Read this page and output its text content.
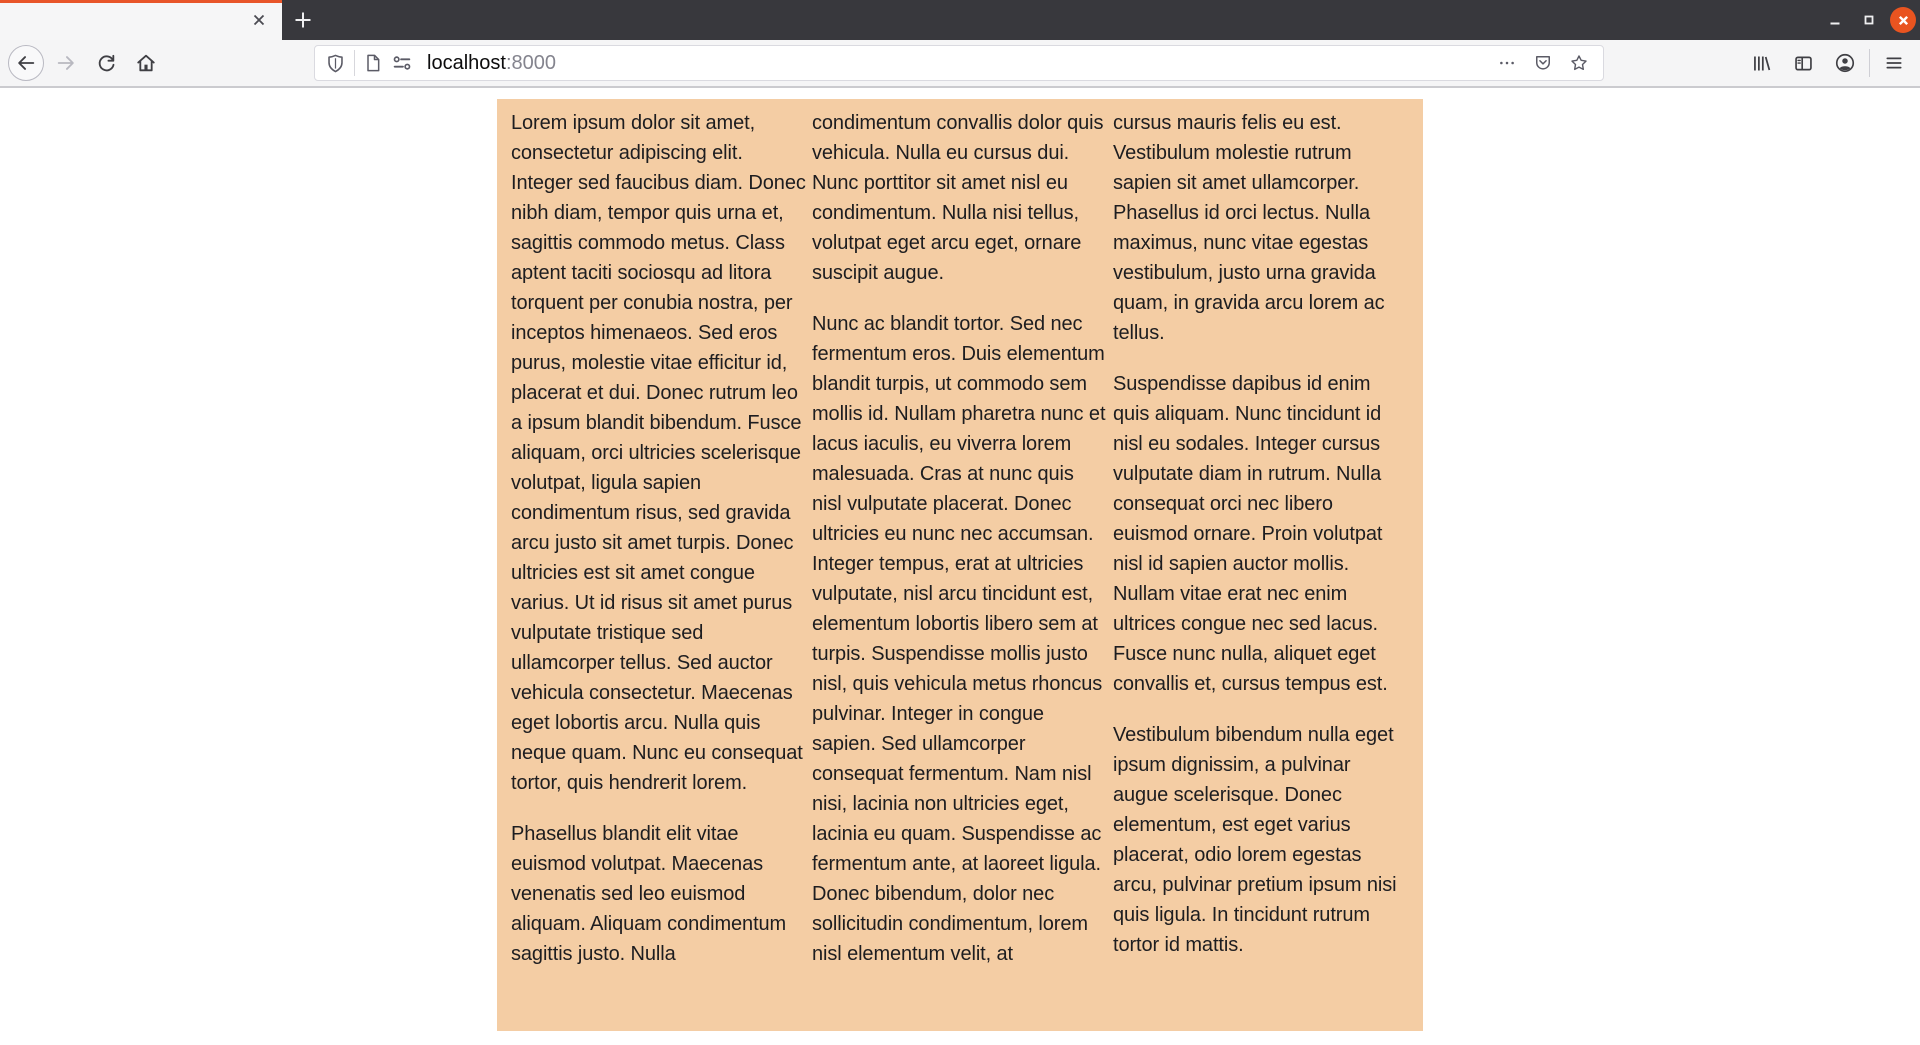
localhost:8000

Lorem ipsum dolor sit amet, consectetur adipiscing elit. Integer sed faucibus diam. Donec nibh diam, tempor quis urna et, sagittis commodo metus. Class aptent taciti sociosqu ad litora torquent per conubia nostra, per inceptos himenaeos. Sed eros purus, molestie vitae efficitur id, placerat et dui. Donec rutrum leo a ipsum blandit bibendum. Fusce aliquam, orci ultricies scelerisque volutpat, ligula sapien condimentum risus, sed gravida arcu justo sit amet turpis. Donec ultricies est sit amet congue varius. Ut id risus sit amet purus vulputate tristique sed ullamcorper tellus. Sed auctor vehicula consectetur. Maecenas eget lobortis arcu. Nulla quis neque quam. Nunc eu consequat tortor, quis hendrerit lorem.

Phasellus blandit elit vitae euismod volutpat. Maecenas venenatis sed leo euismod aliquam. Aliquam condimentum sagittis justo. Nulla

condimentum convallis dolor quis vehicula. Nulla eu cursus dui. Nunc porttitor sit amet nisl eu condimentum. Nulla nisi tellus, volutpat eget arcu eget, ornare suscipit augue.

Nunc ac blandit tortor. Sed nec fermentum eros. Duis elementum blandit turpis, ut commodo sem mollis id. Nullam pharetra nunc et lacus iaculis, eu viverra lorem malesuada. Cras at nunc quis nisl vulputate placerat. Donec ultricies eu nunc nec accumsan. Integer tempus, erat at ultricies vulputate, nisl arcu tincidunt est, elementum lobortis libero sem at turpis. Suspendisse mollis justo nisl, quis vehicula metus rhoncus pulvinar. Integer in congue sapien. Sed ullamcorper consequat fermentum. Nam nisl nisi, lacinia non ultricies eget, lacinia eu quam. Suspendisse ac fermentum ante, at laoreet ligula. Donec bibendum, dolor nec sollicitudin condimentum, lorem nisl elementum velit, at

cursus mauris felis eu est. Vestibulum molestie rutrum sapien sit amet ullamcorper. Phasellus id orci lectus. Nulla maximus, nunc vitae egestas vestibulum, justo urna gravida quam, in gravida arcu lorem ac tellus.

Suspendisse dapibus id enim quis aliquam. Nunc tincidunt id nisl eu sodales. Integer cursus vulputate diam in rutrum. Nulla consequat orci nec libero euismod ornare. Proin volutpat nisl id sapien auctor mollis. Nullam vitae erat nec enim ultrices congue nec sed lacus. Fusce nunc nulla, aliquet eget convallis et, cursus tempus est.

Vestibulum bibendum nulla eget ipsum dignissim, a pulvinar augue scelerisque. Donec elementum, est eget varius placerat, odio lorem egestas arcu, pulvinar pretium ipsum nisi quis ligula. In tincidunt rutrum tortor id mattis.
